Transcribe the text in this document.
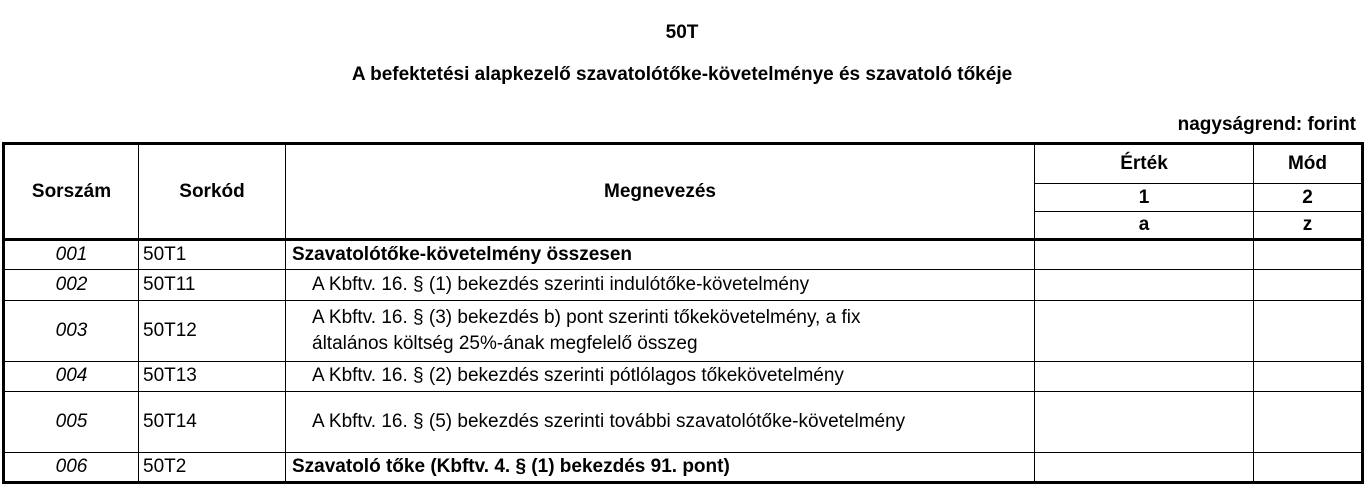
50T
A befektetési alapkezelő szavatolótőke-követelménye és szavatoló tőkéje
nagyságrend: forint
Sorszám	Sorkód	Megnevezés	Érték	Mód
			1	2
			a	z
001	50T1	Szavatolótőke-követelmény összesen		
002	50T11	A Kbftv. 16. § (1) bekezdés szerinti indulótőke-követelmény		
003	50T12	A Kbftv. 16. § (3) bekezdés b) pont szerinti tőkekövetelmény, a fix
általános költség 25%-ának megfelelő összeg		
004	50T13	A Kbftv. 16. § (2) bekezdés szerinti pótlólagos tőkekövetelmény		
005	50T14	A Kbftv. 16. § (5) bekezdés szerinti további szavatolótőke-követelmény		
006	50T2	Szavatoló tőke (Kbftv. 4. § (1) bekezdés 91. pont)		
